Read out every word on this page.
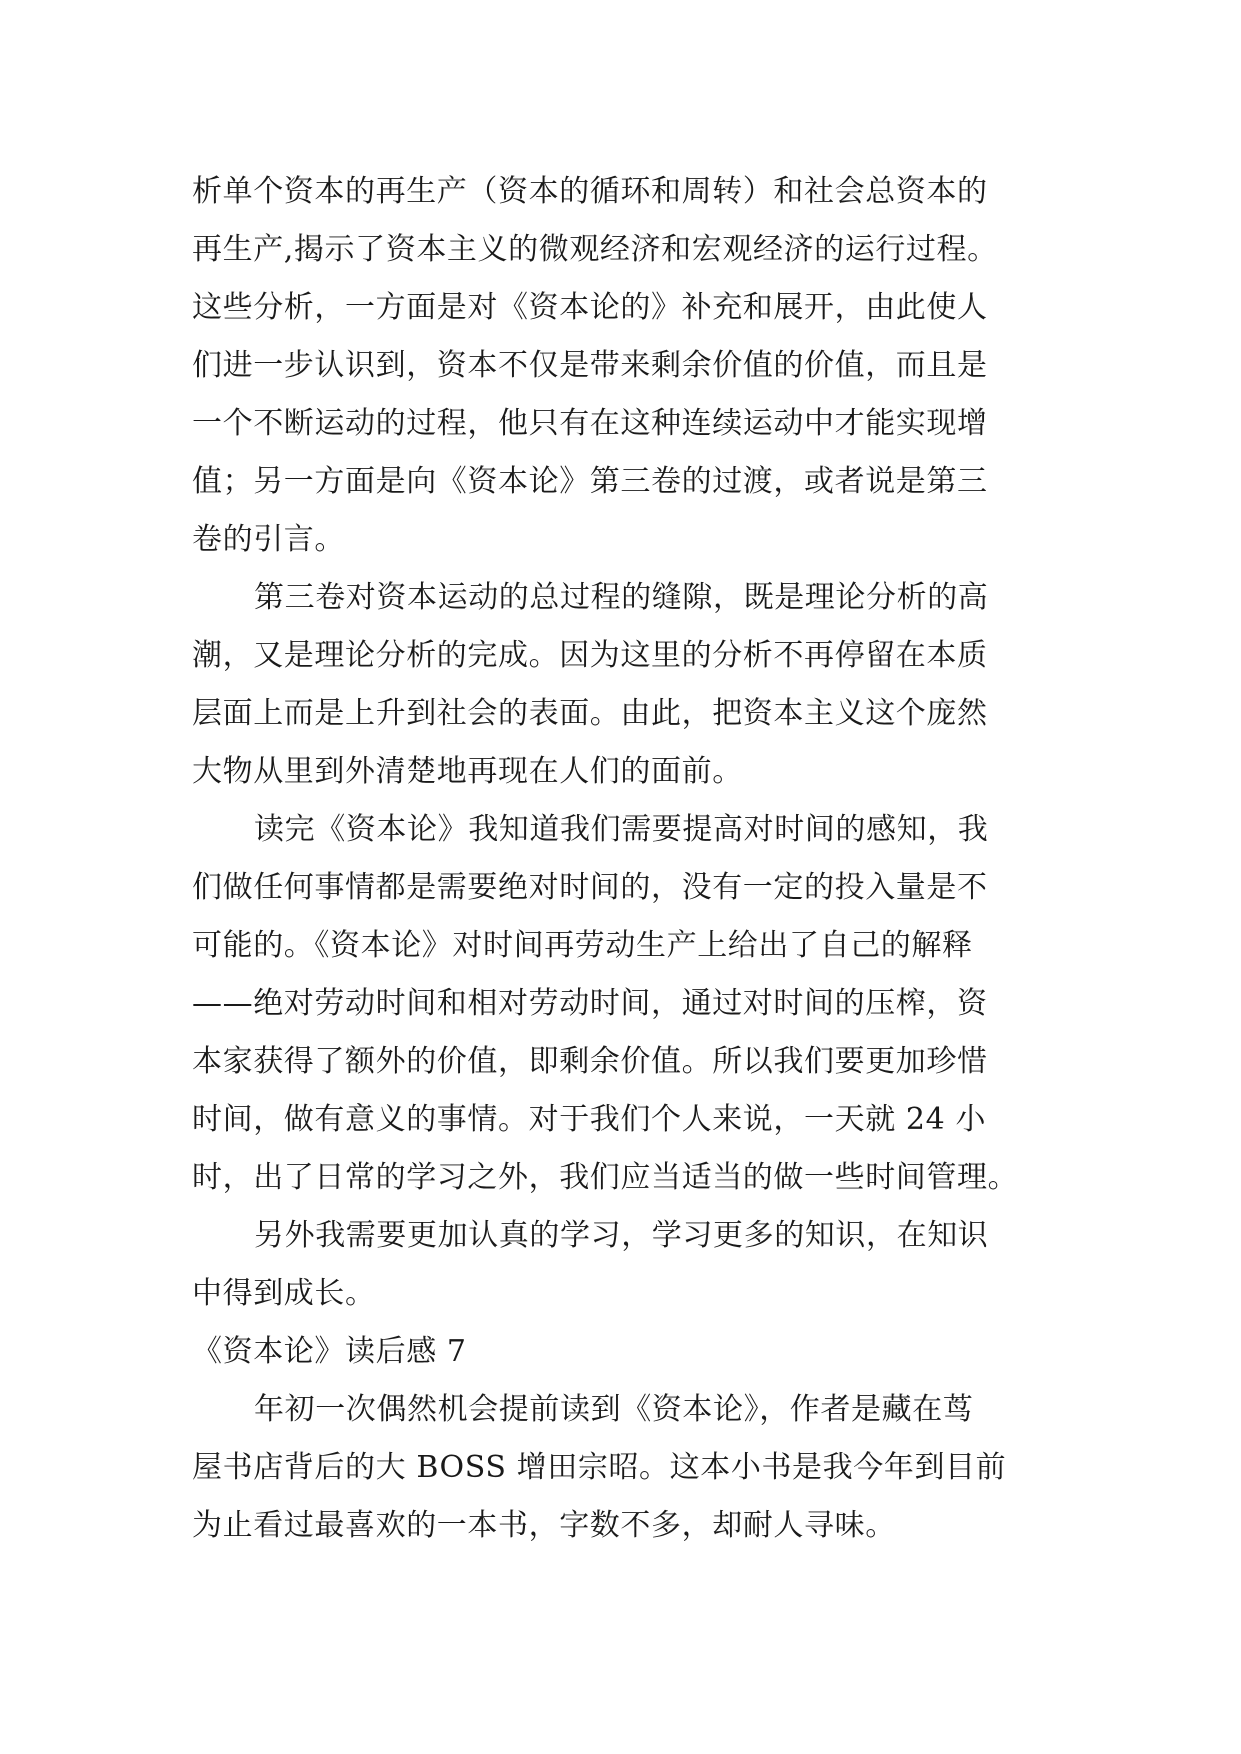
析单个资本的再生产（资本的循环和周转）和社会总资本的
再生产,揭示了资本主义的微观经济和宏观经济的运行过程。
这些分析，一方面是对《资本论的》补充和展开，由此使人
们进一步认识到，资本不仅是带来剩余价值的价值，而且是
一个不断运动的过程，他只有在这种连续运动中才能实现增
值；另一方面是向《资本论》第三卷的过渡，或者说是第三
卷的引言。
第三卷对资本运动的总过程的缝隙，既是理论分析的高
潮，又是理论分析的完成。因为这里的分析不再停留在本质
层面上而是上升到社会的表面。由此，把资本主义这个庞然
大物从里到外清楚地再现在人们的面前。
读完《资本论》我知道我们需要提高对时间的感知，我
们做任何事情都是需要绝对时间的，没有一定的投入量是不
可能的。《资本论》对时间再劳动生产上给出了自己的解释
——绝对劳动时间和相对劳动时间，通过对时间的压榨，资
本家获得了额外的价值，即剩余价值。所以我们要更加珍惜
时间，做有意义的事情。对于我们个人来说，一天就 24 小
时，出了日常的学习之外，我们应当适当的做一些时间管理。
另外我需要更加认真的学习，学习更多的知识，在知识
中得到成长。
《资本论》读后感 7
年初一次偶然机会提前读到《资本论》，作者是藏在茑
屋书店背后的大 BOSS 增田宗昭。这本小书是我今年到目前
为止看过最喜欢的一本书，字数不多，却耐人寻味。
